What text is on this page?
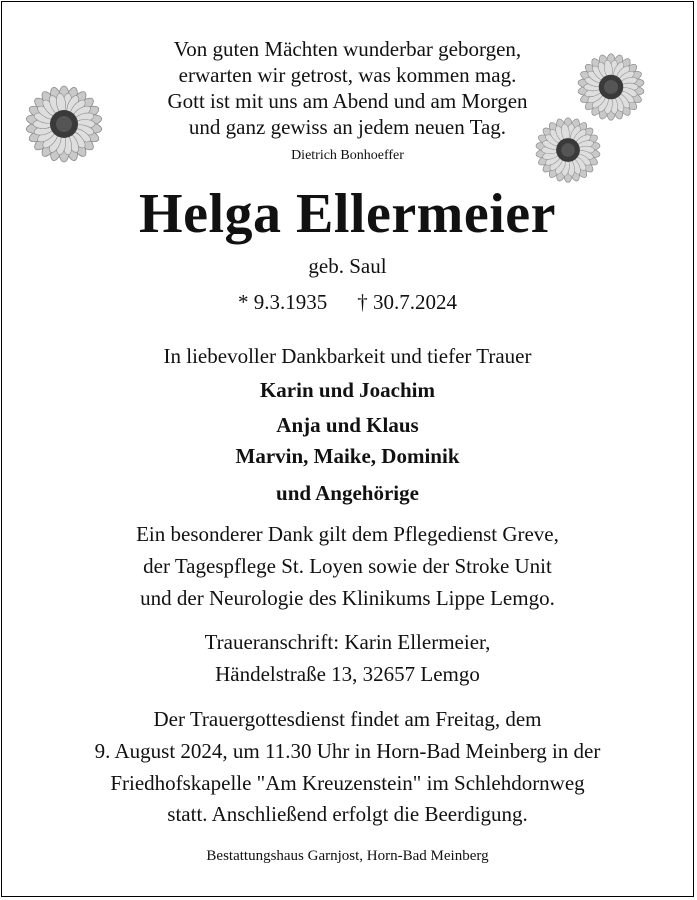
Von guten Mächten wunderbar geborgen,
erwarten wir getrost, was kommen mag.
Gott ist mit uns am Abend und am Morgen
und ganz gewiss an jedem neuen Tag.
Dietrich Bonhoeffer
Helga Ellermeier
geb. Saul
* 9.3.1935 † 30.7.2024
In liebevoller Dankbarkeit und tiefer Trauer
Karin und Joachim
Anja und Klaus
Marvin, Maike, Dominik
und Angehörige
Ein besonderer Dank gilt dem Pflegedienst Greve,
der Tagespflege St. Loyen sowie der Stroke Unit
und der Neurologie des Klinikums Lippe Lemgo.
Traueranschrift: Karin Ellermeier,
Händelstraße 13, 32657 Lemgo
Der Trauergottesdienst findet am Freitag, dem
9. August 2024, um 11.30 Uhr in Horn-Bad Meinberg in der
Friedhofskapelle "Am Kreuzenstein" im Schlehdornweg
statt. Anschließend erfolgt die Beerdigung.
Bestattungshaus Garnjost, Horn-Bad Meinberg
